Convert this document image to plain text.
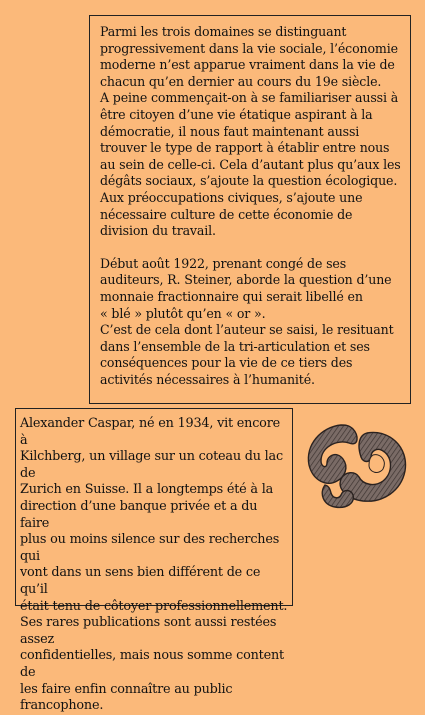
Parmi les trois domaines se distinguant
progressivement dans la vie sociale, l’économie
moderne n’est apparue vraiment dans la vie de
chacun qu’en dernier au cours du 19e siècle.
A peine commençait-on à se familiariser aussi à
être citoyen d’une vie étatique aspirant à la
démocratie, il nous faut maintenant aussi
trouver le type de rapport à établir entre nous
au sein de celle-ci. Cela d’autant plus qu’aux les
dégâts sociaux, s’ajoute la question écologique.
Aux préoccupations civiques, s’ajoute une
nécessaire culture de cette économie de
division du travail.

Début août 1922, prenant congé de ses
auditeurs, R. Steiner, aborde la question d’une
monnaie fractionnaire qui serait libellé en
« blé » plutôt qu’en « or ».
C’est de cela dont l’auteur se saisi, le resituant
dans l’ensemble de la tri-articulation et ses
conséquences pour la vie de ce tiers des
activités nécessaires à l’humanité.

Alexander Caspar, né en 1934, vit encore à
Kilchberg, un village sur un coteau du lac de
Zurich en Suisse. Il a longtemps été à la
direction d’une banque privée et a du faire
plus ou moins silence sur des recherches qui
vont dans un sens bien différent de ce qu’il
était tenu de côtoyer professionnellement.
Ses rares publications sont aussi restées assez
confidentielles, mais nous somme content de
les faire enfin connaître au public
francophone.
